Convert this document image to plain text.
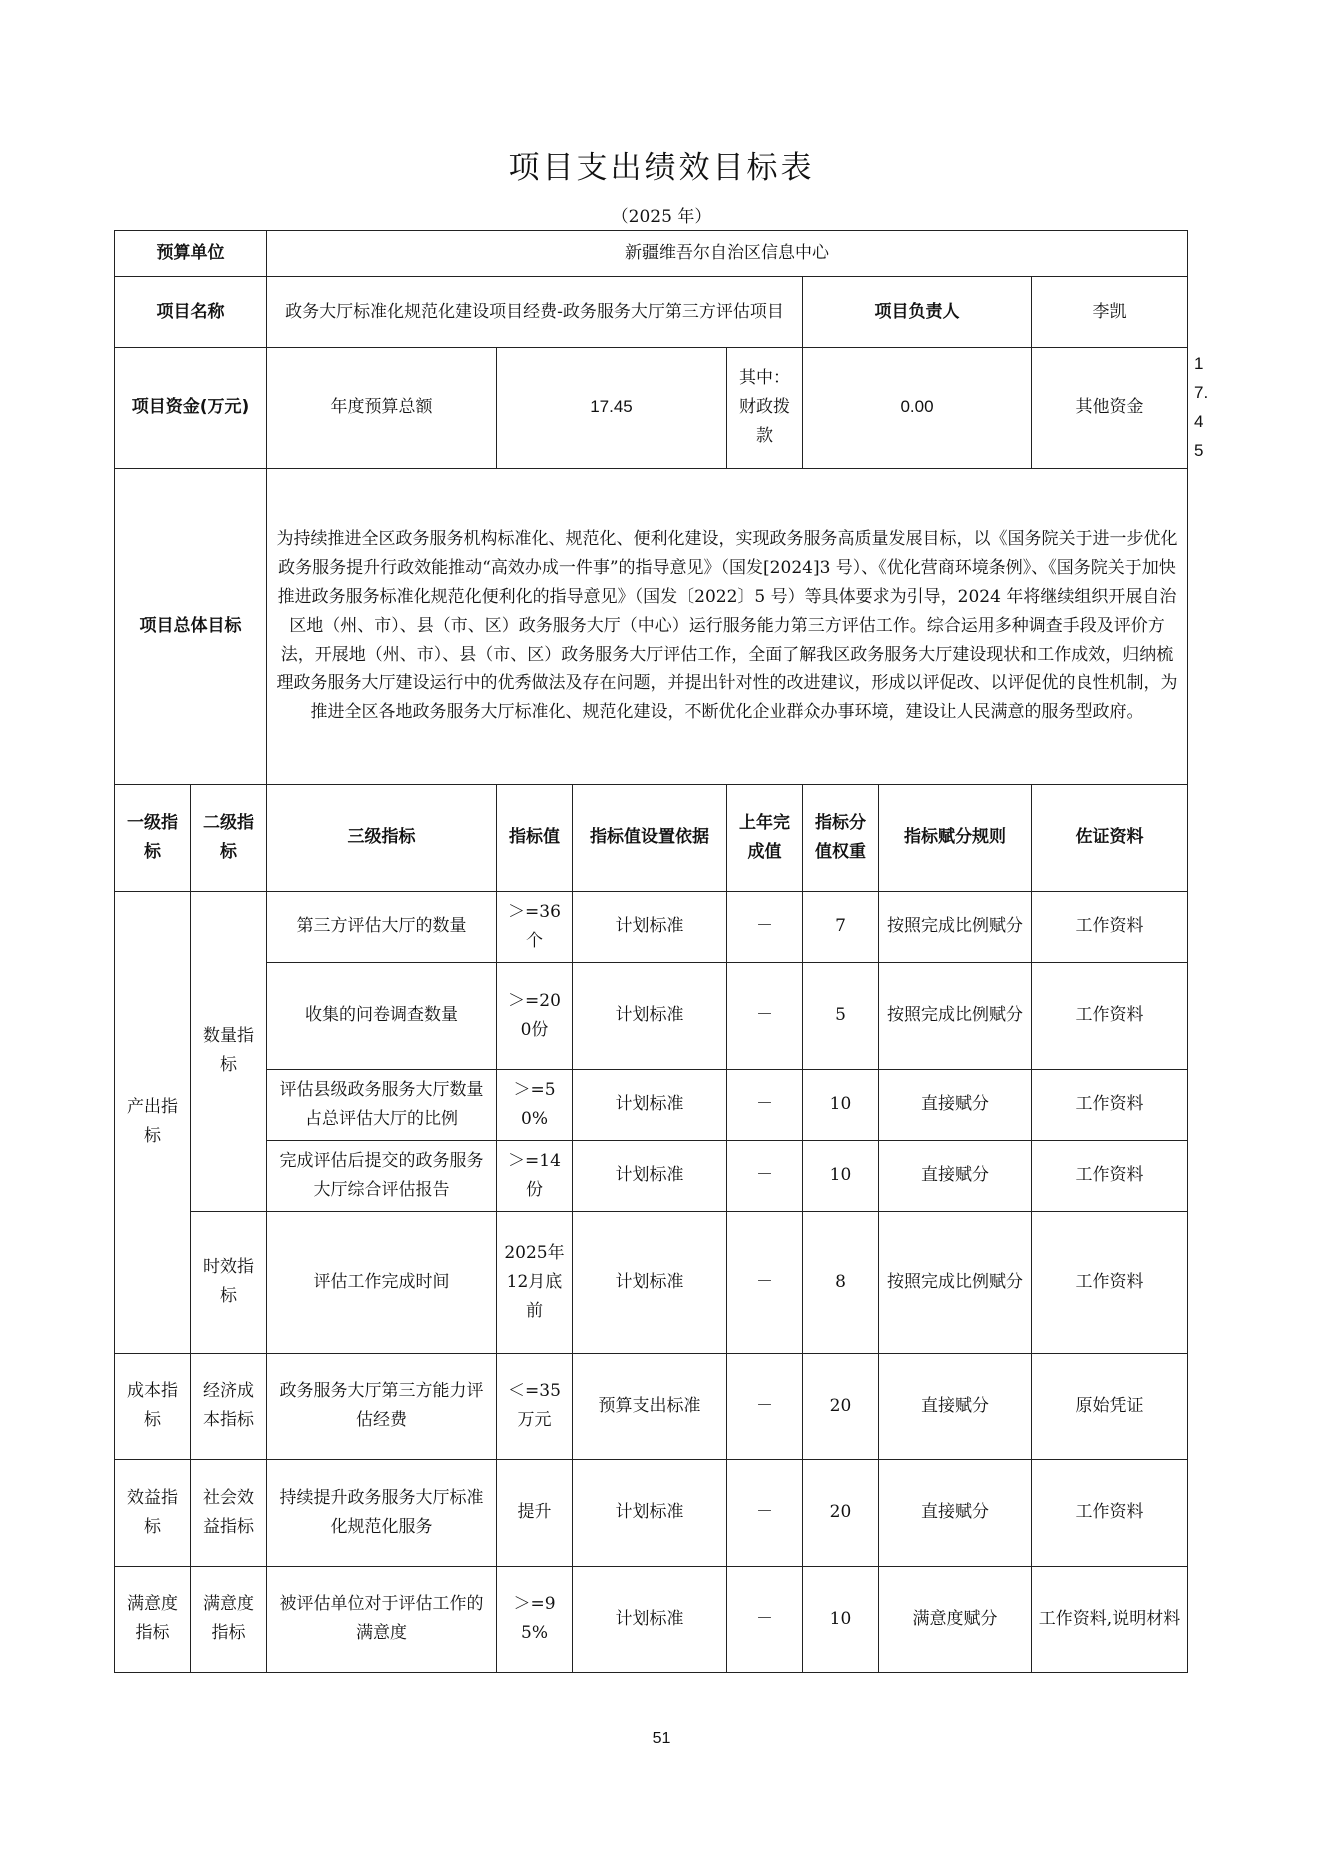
项目支出绩效目标表
（2025 年）
预算单位		新疆维吾尔自治区信息中心							
项目名称		政务大厅标准化规范化建设项目经费-政务服务大厅第三方评估项目				项目负责人		李凯	
项目资金(万元)		年度预算总额	17.45		其中：财政拨款	0.00		其他资金	17.45
项目总体目标		为持续推进全区政务服务机构标准化、规范化、便利化建设，实现政务服务高质量发展目标，以《国务院关于进一步优化政务服务提升行政效能推动“高效办成一件事”的指导意见》（国发[2024]3 号）、《优化营商环境条例》、《国务院关于加快推进政务服务标准化规范化便利化的指导意见》（国发〔2022〕5 号）等具体要求为引导，2024 年将继续组织开展自治区地（州、市）、县（市、区）政务服务大厅（中心）运行服务能力第三方评估工作。综合运用多种调查手段及评价方法，开展地（州、市）、县（市、区）政务服务大厅评估工作，全面了解我区政务服务大厅建设现状和工作成效，归纳梳理政务服务大厅建设运行中的优秀做法及存在问题，并提出针对性的改进建议，形成以评促改、以评促优的良性机制，为推进全区各地政务服务大厅标准化、规范化建设，不断优化企业群众办事环境，建设让人民满意的服务型政府。							
一级指标	二级指标	三级指标	指标值	指标值设置依据	上年完成值	指标分值权重	指标赋分规则	佐证资料	
产出指标	数量指标	第三方评估大厅的数量	＞=36个	计划标准	－	7	按照完成比例赋分	工作资料	
		收集的问卷调查数量	＞=200份	计划标准	－	5	按照完成比例赋分	工作资料	
		评估县级政务服务大厅数量占总评估大厅的比例	＞=50%	计划标准	－	10	直接赋分	工作资料	
		完成评估后提交的政务服务大厅综合评估报告	＞=14份	计划标准	－	10	直接赋分	工作资料	
	时效指标	评估工作完成时间	2025年12月底前	计划标准	－	8	按照完成比例赋分	工作资料	
成本指标	经济成本指标	政务服务大厅第三方能力评估经费	＜=35万元	预算支出标准	－	20	直接赋分	原始凭证	
效益指标	社会效益指标	持续提升政务服务大厅标准化规范化服务	提升	计划标准	－	20	直接赋分	工作资料	
满意度指标	满意度指标	被评估单位对于评估工作的满意度	＞=95%	计划标准	－	10	满意度赋分	工作资料,说明材料	
51
